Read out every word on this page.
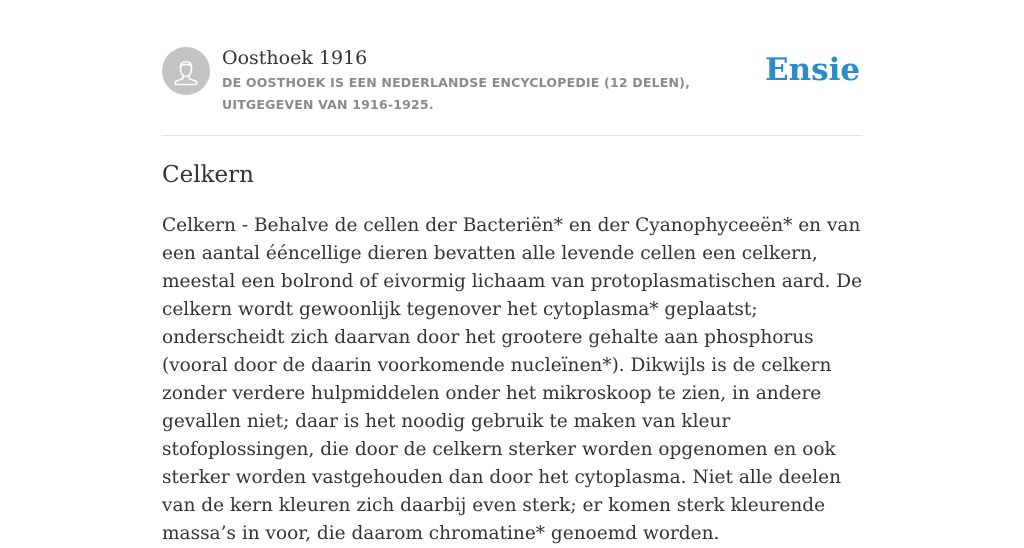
Oosthoek 1916
DE OOSTHOEK IS EEN NEDERLANDSE ENCYCLOPEDIE (12 DELEN), UITGEGEVEN VAN 1916-1925.
Ensie
Celkern

Celkern - Behalve de cellen der Bacteriën* en der Cyanophyceeën* en van een aantal ééncellige dieren bevatten alle levende cellen een celkern, meestal een bolrond of eivormig lichaam van protoplasmatischen aard. De celkern wordt gewoonlijk tegenover het cytoplasma* geplaatst; onderscheidt zich daarvan door het grootere gehalte aan phosphorus (vooral door de daarin voorkomende nucleïnen*). Dikwijls is de celkern zonder verdere hulpmiddelen onder het mikroskoop te zien, in andere gevallen niet; daar is het noodig gebruik te maken van kleur stofoplossingen, die door de celkern sterker worden opgenomen en ook sterker worden vastgehouden dan door het cytoplasma. Niet alle deelen van de kern kleuren zich daarbij even sterk; er komen sterk kleurende massa’s in voor, die daarom chromatine* genoemd worden.
